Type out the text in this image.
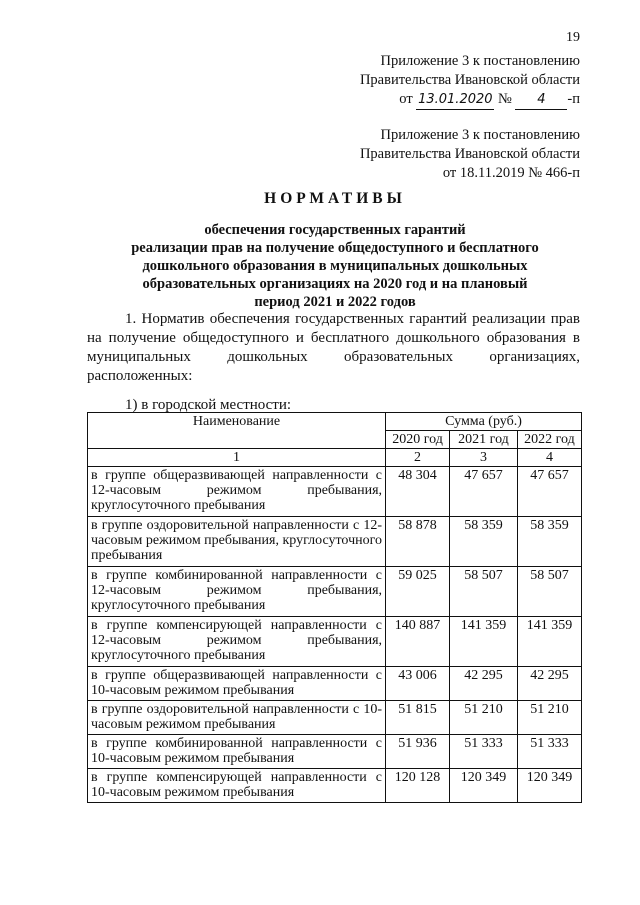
19
Приложение 3 к постановлению
Правительства Ивановской области
от 13.01.2020 № 4 -п
Приложение 3 к постановлению
Правительства Ивановской области
от 18.11.2019 № 466-п
НОРМАТИВЫ
обеспечения государственных гарантий
реализации прав на получение общедоступного и бесплатного
дошкольного образования в муниципальных дошкольных
образовательных организациях на 2020 год и на плановый
период 2021 и 2022 годов
1. Норматив обеспечения государственных гарантий реализации прав на получение общедоступного и бесплатного дошкольного образования в муниципальных дошкольных образовательных организациях, расположенных:
1) в городской местности:
Наименование	Сумма (руб.)		
	2020 год	2021 год	2022 год
1	2	3	4
в группе общеразвивающей направленности с 12-часовым режимом пребывания, круглосуточного пребывания	48 304	47 657	47 657
в группе оздоровительной направленности с 12-часовым режимом пребывания, круглосуточного пребывания	58 878	58 359	58 359
в группе комбинированной направленности с 12-часовым режимом пребывания, круглосуточного пребывания	59 025	58 507	58 507
в группе компенсирующей направленности с 12-часовым режимом пребывания, круглосуточного пребывания	140 887	141 359	141 359
в группе общеразвивающей направленности с 10-часовым режимом пребывания	43 006	42 295	42 295
в группе оздоровительной направленности с 10-часовым режимом пребывания	51 815	51 210	51 210
в группе комбинированной направленности с 10-часовым режимом пребывания	51 936	51 333	51 333
в группе компенсирующей направленности с 10-часовым режимом пребывания	120 128	120 349	120 349
